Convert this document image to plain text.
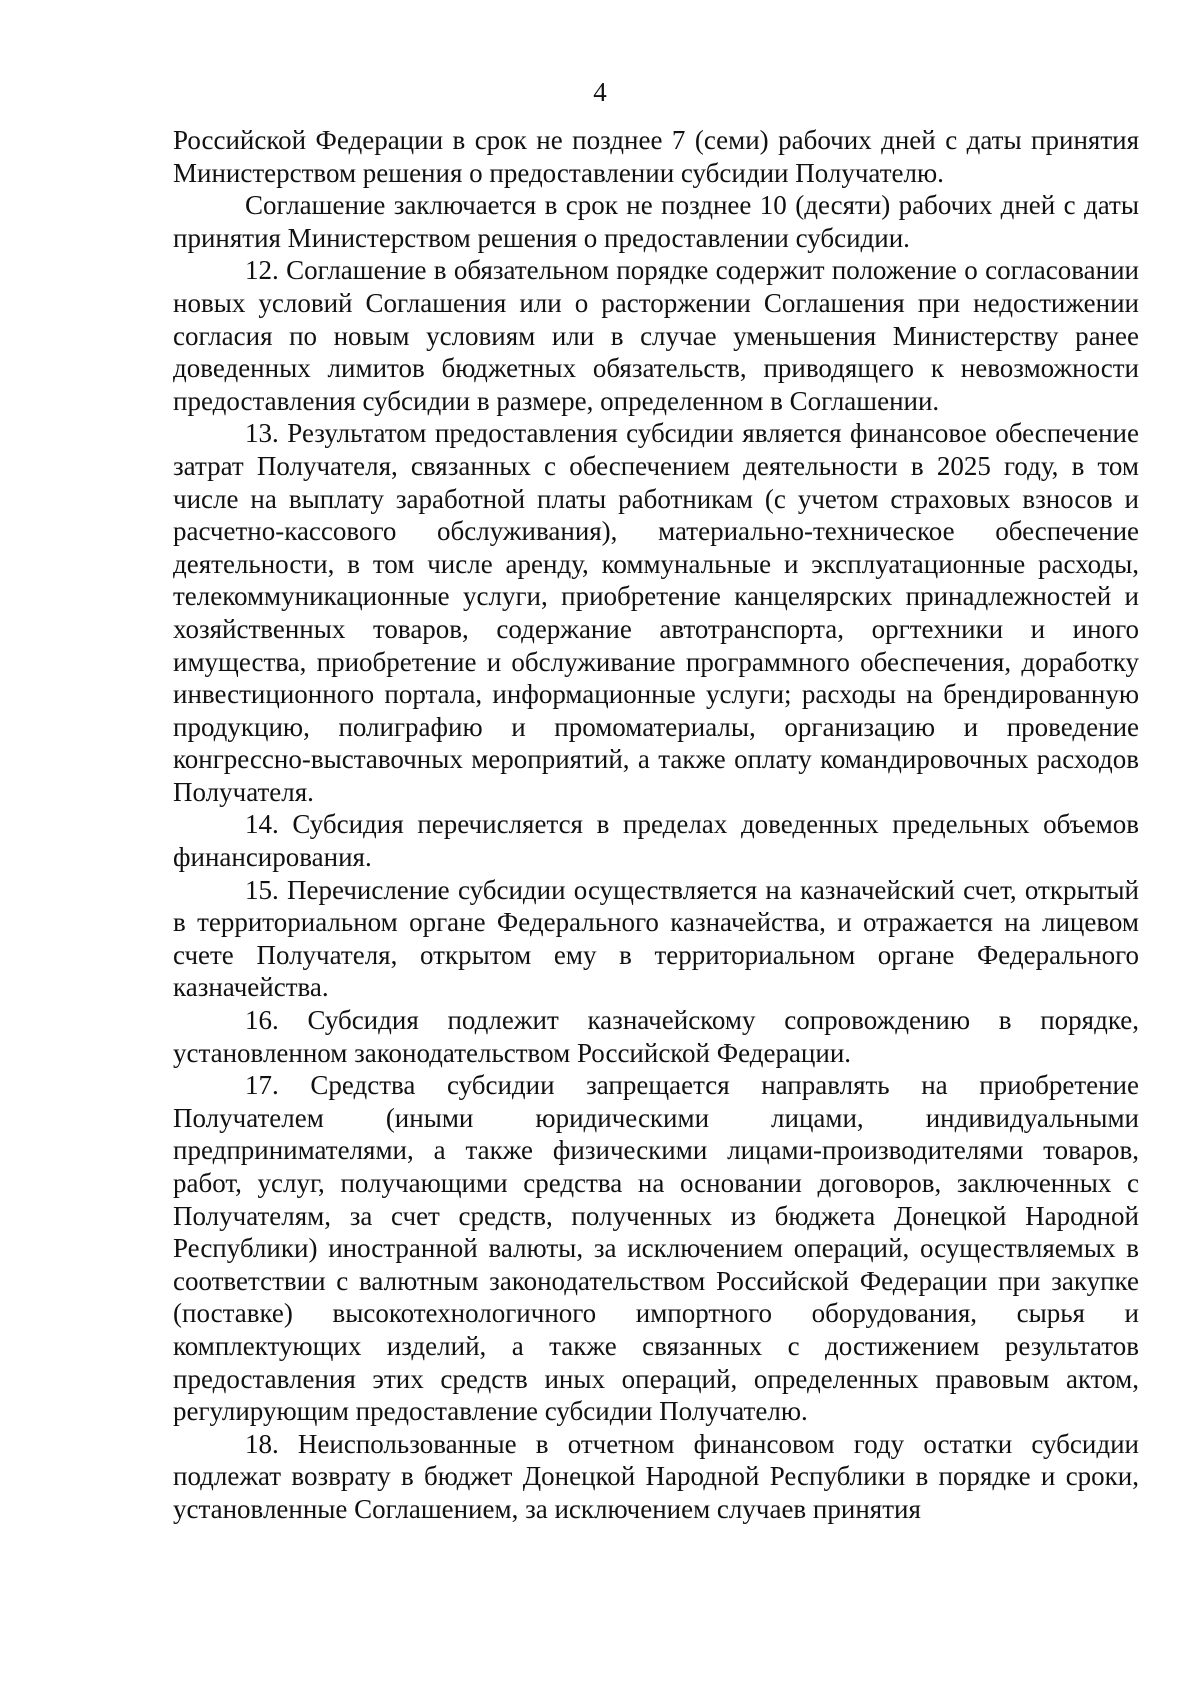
4

Российской Федерации в срок не позднее 7 (семи) рабочих дней с даты принятия Министерством решения о предоставлении субсидии Получателю.

Соглашение заключается в срок не позднее 10 (десяти) рабочих дней с даты принятия Министерством решения о предоставлении субсидии.

12. Соглашение в обязательном порядке содержит положение о согласовании новых условий Соглашения или о расторжении Соглашения при недостижении согласия по новым условиям или в случае уменьшения Министерству ранее доведенных лимитов бюджетных обязательств, приводящего к невозможности предоставления субсидии в размере, определенном в Соглашении.

13. Результатом предоставления субсидии является финансовое обеспечение затрат Получателя, связанных с обеспечением деятельности в 2025 году, в том числе на выплату заработной платы работникам (с учетом страховых взносов и расчетно-кассового обслуживания), материально-техническое обеспечение деятельности, в том числе аренду, коммунальные и эксплуатационные расходы, телекоммуникационные услуги, приобретение канцелярских принадлежностей и хозяйственных товаров, содержание автотранспорта, оргтехники и иного имущества, приобретение и обслуживание программного обеспечения, доработку инвестиционного портала, информационные услуги; расходы на брендированную продукцию, полиграфию и промоматериалы, организацию и проведение конгрессно-выставочных мероприятий, а также оплату командировочных расходов Получателя.

14. Субсидия перечисляется в пределах доведенных предельных объемов финансирования.

15. Перечисление субсидии осуществляется на казначейский счет, открытый в территориальном органе Федерального казначейства, и отражается на лицевом счете Получателя, открытом ему в территориальном органе Федерального казначейства.

16. Субсидия подлежит казначейскому сопровождению в порядке, установленном законодательством Российской Федерации.

17. Средства субсидии запрещается направлять на приобретение Получателем (иными юридическими лицами, индивидуальными предпринимателями, а также физическими лицами-производителями товаров, работ, услуг, получающими средства на основании договоров, заключенных с Получателям, за счет средств, полученных из бюджета Донецкой Народной Республики) иностранной валюты, за исключением операций, осуществляемых в соответствии с валютным законодательством Российской Федерации при закупке (поставке) высокотехнологичного импортного оборудования, сырья и комплектующих изделий, а также связанных с достижением результатов предоставления этих средств иных операций, определенных правовым актом, регулирующим предоставление субсидии Получателю.

18. Неиспользованные в отчетном финансовом году остатки субсидии подлежат возврату в бюджет Донецкой Народной Республики в порядке и сроки, установленные Соглашением, за исключением случаев принятия
